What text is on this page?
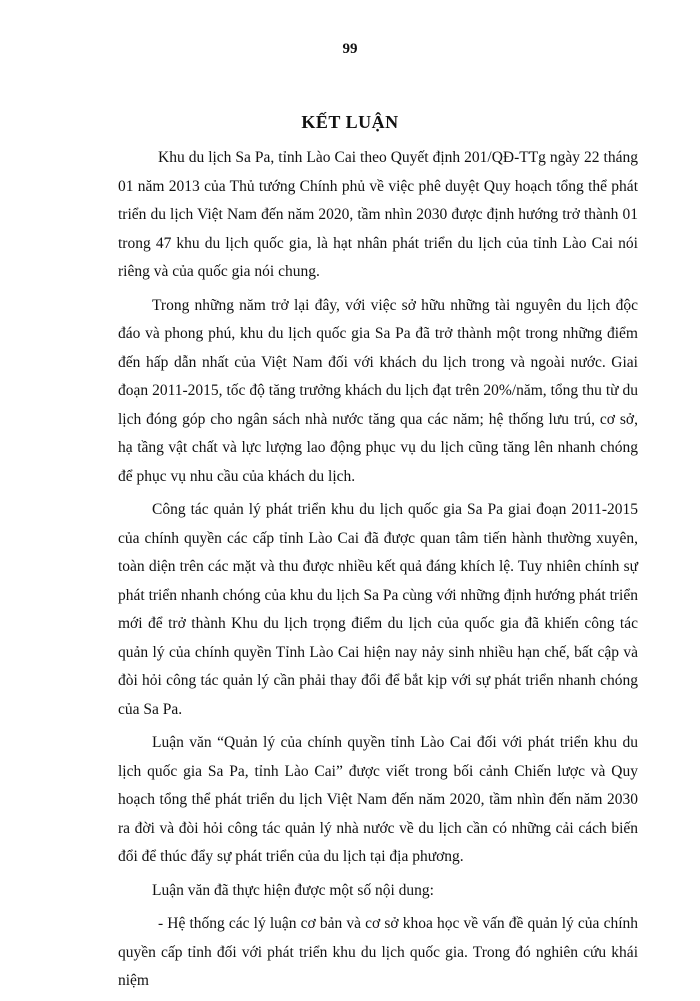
99
KẾT LUẬN

Khu du lịch Sa Pa, tỉnh Lào Cai theo Quyết định 201/QĐ-TTg ngày 22 tháng 01 năm 2013 của Thủ tướng Chính phủ về việc phê duyệt Quy hoạch tổng thể phát triển du lịch Việt Nam đến năm 2020, tầm nhìn 2030 được định hướng trở thành 01 trong 47 khu du lịch quốc gia, là hạt nhân phát triển du lịch của tỉnh Lào Cai nói riêng và của quốc gia nói chung.

Trong những năm trở lại đây, với việc sở hữu những tài nguyên du lịch độc đáo và phong phú, khu du lịch quốc gia Sa Pa đã trở thành một trong những điểm đến hấp dẫn nhất của Việt Nam đối với khách du lịch trong và ngoài nước. Giai đoạn 2011-2015, tốc độ tăng trưởng khách du lịch đạt trên 20%/năm, tổng thu từ du lịch đóng góp cho ngân sách nhà nước tăng qua các năm; hệ thống lưu trú, cơ sở, hạ tầng vật chất và lực lượng lao động phục vụ du lịch cũng tăng lên nhanh chóng để phục vụ nhu cầu của khách du lịch.

Công tác quản lý phát triển khu du lịch quốc gia Sa Pa giai đoạn 2011-2015 của chính quyền các cấp tỉnh Lào Cai đã được quan tâm tiến hành thường xuyên, toàn diện trên các mặt và thu được nhiều kết quả đáng khích lệ. Tuy nhiên chính sự phát triển nhanh chóng của khu du lịch Sa Pa cùng với những định hướng phát triển mới để trở thành Khu du lịch trọng điểm du lịch của quốc gia đã khiến công tác quản lý của chính quyền Tỉnh Lào Cai hiện nay nảy sinh nhiều hạn chế, bất cập và đòi hỏi công tác quản lý cần phải thay đổi để bắt kịp với sự phát triển nhanh chóng của Sa Pa.

Luận văn “Quản lý của chính quyền tỉnh Lào Cai đối với phát triển khu du lịch quốc gia Sa Pa, tỉnh Lào Cai” được viết trong bối cảnh Chiến lược và Quy hoạch tổng thể phát triển du lịch Việt Nam đến năm 2020, tầm nhìn đến năm 2030 ra đời và đòi hỏi công tác quản lý nhà nước về du lịch cần có những cải cách biến đổi để thúc đẩy sự phát triển của du lịch tại địa phương.

Luận văn đã thực hiện được một số nội dung:

- Hệ thống các lý luận cơ bản và cơ sở khoa học về vấn đề quản lý của chính quyền cấp tỉnh đối với phát triển khu du lịch quốc gia. Trong đó nghiên cứu khái niệm
